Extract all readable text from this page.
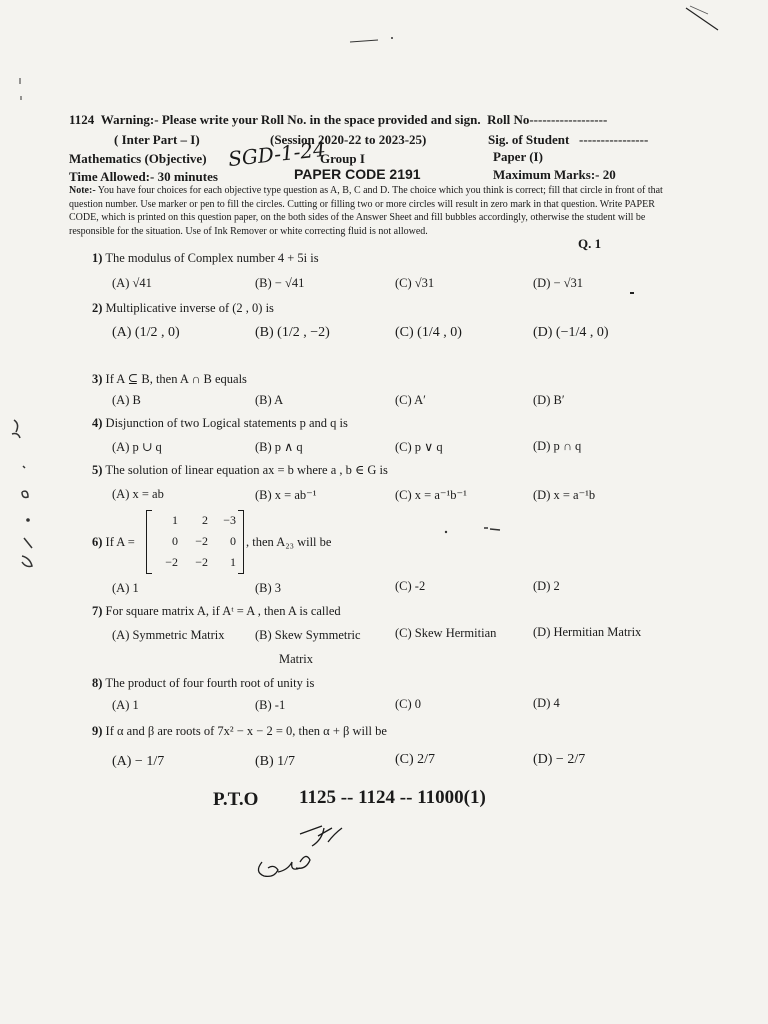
1124 Warning:- Please write your Roll No. in the space provided and sign. Roll No------------------
( Inter Part – I)	(Session 2020-22 to 2023-25)	Sig. of Student ----------------
Mathematics (Objective) SGD-1-24
Group I	Paper (I)
Time Allowed:- 30 minutes	PAPER CODE 2191	Maximum Marks:- 20
Note:- You have four choices for each objective type question as A, B, C and D. The choice which you think is correct; fill that circle in front of that question number. Use marker or pen to fill the circles. Cutting or filling two or more circles will result in zero mark in that question. Write PAPER CODE, which is printed on this question paper, on the both sides of the Answer Sheet and fill bubbles accordingly, otherwise the student will be responsible for the situation. Use of Ink Remover or white correcting fluid is not allowed.
Q. 1
1) The modulus of Complex number 4 + 5i is
(A) √41	(B) − √41	(C) √31	(D) − √31
2) Multiplicative inverse of (2 , 0) is
(A) (1/2 , 0)	(B) (1/2 , −2)	(C) (1/4 , 0)	(D) (−1/4 , 0)
3) If A ⊆ B, then A ∩ B equals
(A) B	(B) A	(C) A′	(D) B′
4) Disjunction of two Logical statements p and q is
(A) p ∪ q	(B) p ∧ q	(C) p ∨ q	(D) p ∩ q
5) The solution of linear equation ax = b where a , b ∈ G is
(A) x = ab	(B) x = ab⁻¹	(C) x = a⁻¹b⁻¹	(D) x = a⁻¹b
6) If A =
1	2	−3
0	−2	0
−2	−2	1
, then A₂₃ will be
(A) 1	(B) 3	(C) -2	(D) 2
7) For square matrix A, if Aᵗ = A , then A is called
(A) Symmetric Matrix (B) Skew Symmetric
Matrix
(C) Skew Hermitian	(D) Hermitian Matrix
8) The product of four fourth root of unity is
(A) 1	(B) -1	(C) 0	(D) 4
9) If α and β are roots of 7x² − x − 2 = 0, then α + β will be
(A) − 1/7	(B) 1/7	(C) 2/7	(D) − 2/7
P.T.O 1125 -- 1124 -- 11000(1)
